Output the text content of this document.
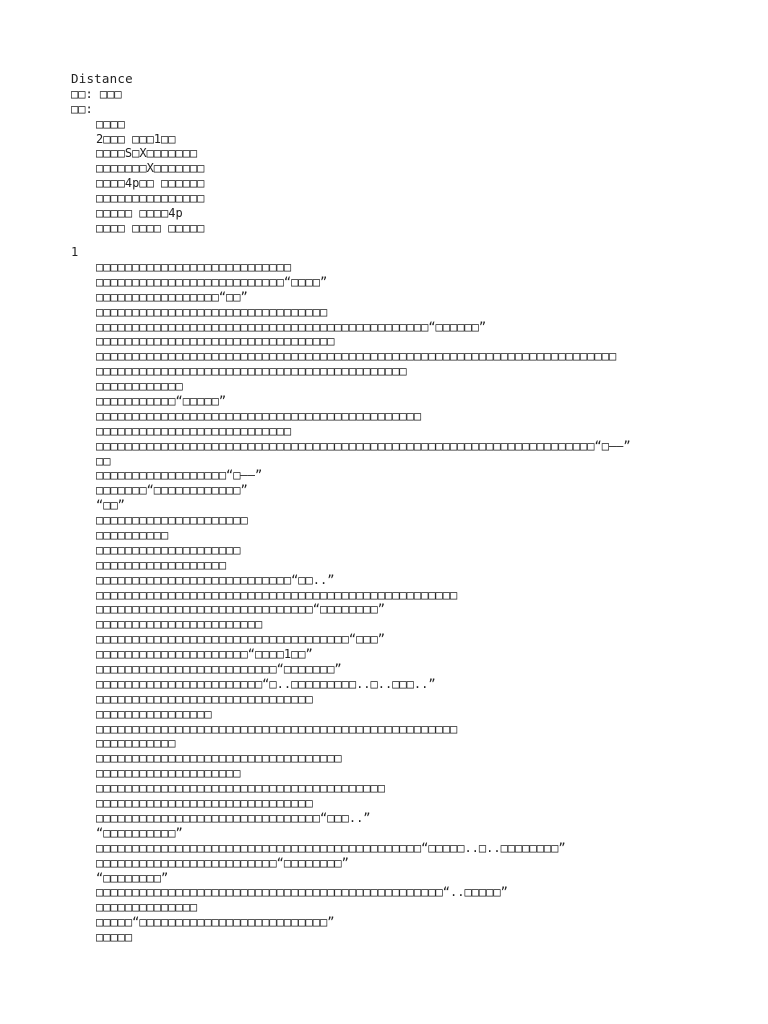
Distance
□□: □□□
□□:
□□□□
2□□□ □□□1□□
□□□□S□X□□□□□□□
□□□□□□□X□□□□□□□
□□□□4p□□ □□□□□□
□□□□□□□□□□□□□□□
□□□□□ □□□□4p
□□□□ □□□□ □□□□□
1
□□□□□□□□□□□□□□□□□□□□□□□□□□□
□□□□□□□□□□□□□□□□□□□□□□□□□□“□□□□”
□□□□□□□□□□□□□□□□□“□□”
□□□□□□□□□□□□□□□□□□□□□□□□□□□□□□□□
□□□□□□□□□□□□□□□□□□□□□□□□□□□□□□□□□□□□□□□□□□□□□□“□□□□□□”
□□□□□□□□□□□□□□□□□□□□□□□□□□□□□□□□□
□□□□□□□□□□□□□□□□□□□□□□□□□□□□□□□□□□□□□□□□□□□□□□□□□□□□□□□□□□□□□□□□□□□□□□□□
□□□□□□□□□□□□□□□□□□□□□□□□□□□□□□□□□□□□□□□□□□□
□□□□□□□□□□□□
□□□□□□□□□□□“□□□□□”
□□□□□□□□□□□□□□□□□□□□□□□□□□□□□□□□□□□□□□□□□□□□□
□□□□□□□□□□□□□□□□□□□□□□□□□□□
□□□□□□□□□□□□□□□□□□□□□□□□□□□□□□□□□□□□□□□□□□□□□□□□□□□□□□□□□□□□□□□□□□□□□“□——”
□□
□□□□□□□□□□□□□□□□□□“□——”
□□□□□□□“□□□□□□□□□□□□”
“□□”
□□□□□□□□□□□□□□□□□□□□□
□□□□□□□□□□
□□□□□□□□□□□□□□□□□□□□
□□□□□□□□□□□□□□□□□□
□□□□□□□□□□□□□□□□□□□□□□□□□□□“□□..”
□□□□□□□□□□□□□□□□□□□□□□□□□□□□□□□□□□□□□□□□□□□□□□□□□□
□□□□□□□□□□□□□□□□□□□□□□□□□□□□□□“□□□□□□□□”
□□□□□□□□□□□□□□□□□□□□□□□
□□□□□□□□□□□□□□□□□□□□□□□□□□□□□□□□□□□“□□□”
□□□□□□□□□□□□□□□□□□□□□“□□□□1□□”
□□□□□□□□□□□□□□□□□□□□□□□□□“□□□□□□□”
□□□□□□□□□□□□□□□□□□□□□□□“□..□□□□□□□□□..□..□□□..”
□□□□□□□□□□□□□□□□□□□□□□□□□□□□□□
□□□□□□□□□□□□□□□□
□□□□□□□□□□□□□□□□□□□□□□□□□□□□□□□□□□□□□□□□□□□□□□□□□□
□□□□□□□□□□□
□□□□□□□□□□□□□□□□□□□□□□□□□□□□□□□□□□
□□□□□□□□□□□□□□□□□□□□
□□□□□□□□□□□□□□□□□□□□□□□□□□□□□□□□□□□□□□□□
□□□□□□□□□□□□□□□□□□□□□□□□□□□□□□
□□□□□□□□□□□□□□□□□□□□□□□□□□□□□□□“□□□..”
“□□□□□□□□□□”
□□□□□□□□□□□□□□□□□□□□□□□□□□□□□□□□□□□□□□□□□□□□□“□□□□□..□..□□□□□□□□”
□□□□□□□□□□□□□□□□□□□□□□□□□“□□□□□□□□”
“□□□□□□□□”
□□□□□□□□□□□□□□□□□□□□□□□□□□□□□□□□□□□□□□□□□□□□□□□□“..□□□□□”
□□□□□□□□□□□□□□
□□□□□“□□□□□□□□□□□□□□□□□□□□□□□□□□”
□□□□□
